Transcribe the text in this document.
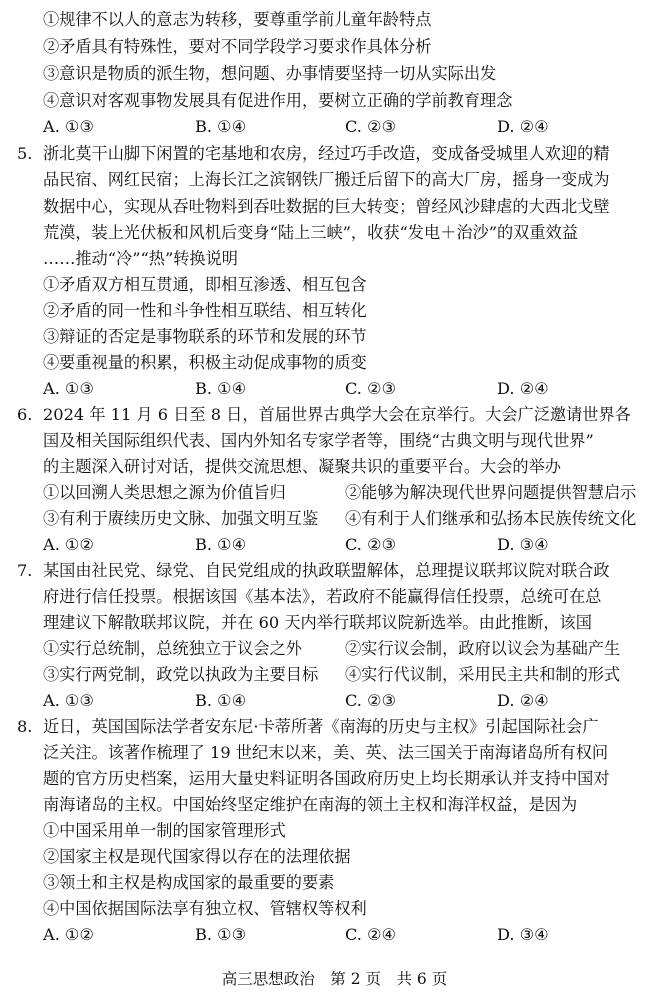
①规律不以人的意志为转移，要尊重学前儿童年龄特点
②矛盾具有特殊性，要对不同学段学习要求作具体分析
③意识是物质的派生物，想问题、办事情要坚持一切从实际出发
④意识对客观事物发展具有促进作用，要树立正确的学前教育理念
A. ①③	B. ①④	C. ②③	D. ②④
5. 浙北莫干山脚下闲置的宅基地和农房，经过巧手改造，变成备受城里人欢迎的精
品民宿、网红民宿；上海长江之滨钢铁厂搬迁后留下的高大厂房，摇身一变成为
数据中心，实现从吞吐物料到吞吐数据的巨大转变；曾经风沙肆虐的大西北戈壁
荒漠，装上光伏板和风机后变身“陆上三峡”，收获“发电＋治沙”的双重效益
……推动“冷”“热”转换说明
①矛盾双方相互贯通，即相互渗透、相互包含
②矛盾的同一性和斗争性相互联结、相互转化
③辩证的否定是事物联系的环节和发展的环节
④要重视量的积累，积极主动促成事物的质变
A. ①③	B. ①④	C. ②③	D. ②④
6. 2024 年 11 月 6 日至 8 日，首届世界古典学大会在京举行。大会广泛邀请世界各
国及相关国际组织代表、国内外知名专家学者等，围绕“古典文明与现代世界”
的主题深入研讨对话，提供交流思想、凝聚共识的重要平台。大会的举办
①以回溯人类思想之源为价值旨归	②能够为解决现代世界问题提供智慧启示
③有利于赓续历史文脉、加强文明互鉴 ④有利于人们继承和弘扬本民族传统文化
A. ①②	B. ①④	C. ②③	D. ③④
7. 某国由社民党、绿党、自民党组成的执政联盟解体，总理提议联邦议院对联合政
府进行信任投票。根据该国《基本法》，若政府不能赢得信任投票，总统可在总
理建议下解散联邦议院，并在 60 天内举行联邦议院新选举。由此推断，该国
①实行总统制，总统独立于议会之外	②实行议会制，政府以议会为基础产生
③实行两党制，政党以执政为主要目标 ④实行代议制，采用民主共和制的形式
A. ①③	B. ①④	C. ②③	D. ②④
8. 近日，英国国际法学者安东尼·卡蒂所著《南海的历史与主权》引起国际社会广
泛关注。该著作梳理了 19 世纪末以来，美、英、法三国关于南海诸岛所有权问
题的官方历史档案，运用大量史料证明各国政府历史上均长期承认并支持中国对
南海诸岛的主权。中国始终坚定维护在南海的领土主权和海洋权益，是因为
①中国采用单一制的国家管理形式
②国家主权是现代国家得以存在的法理依据
③领土和主权是构成国家的最重要的要素
④中国依据国际法享有独立权、管辖权等权利
A. ①②	B. ①③	C. ②④	D. ③④
高三思想政治　第 2 页　共 6 页
